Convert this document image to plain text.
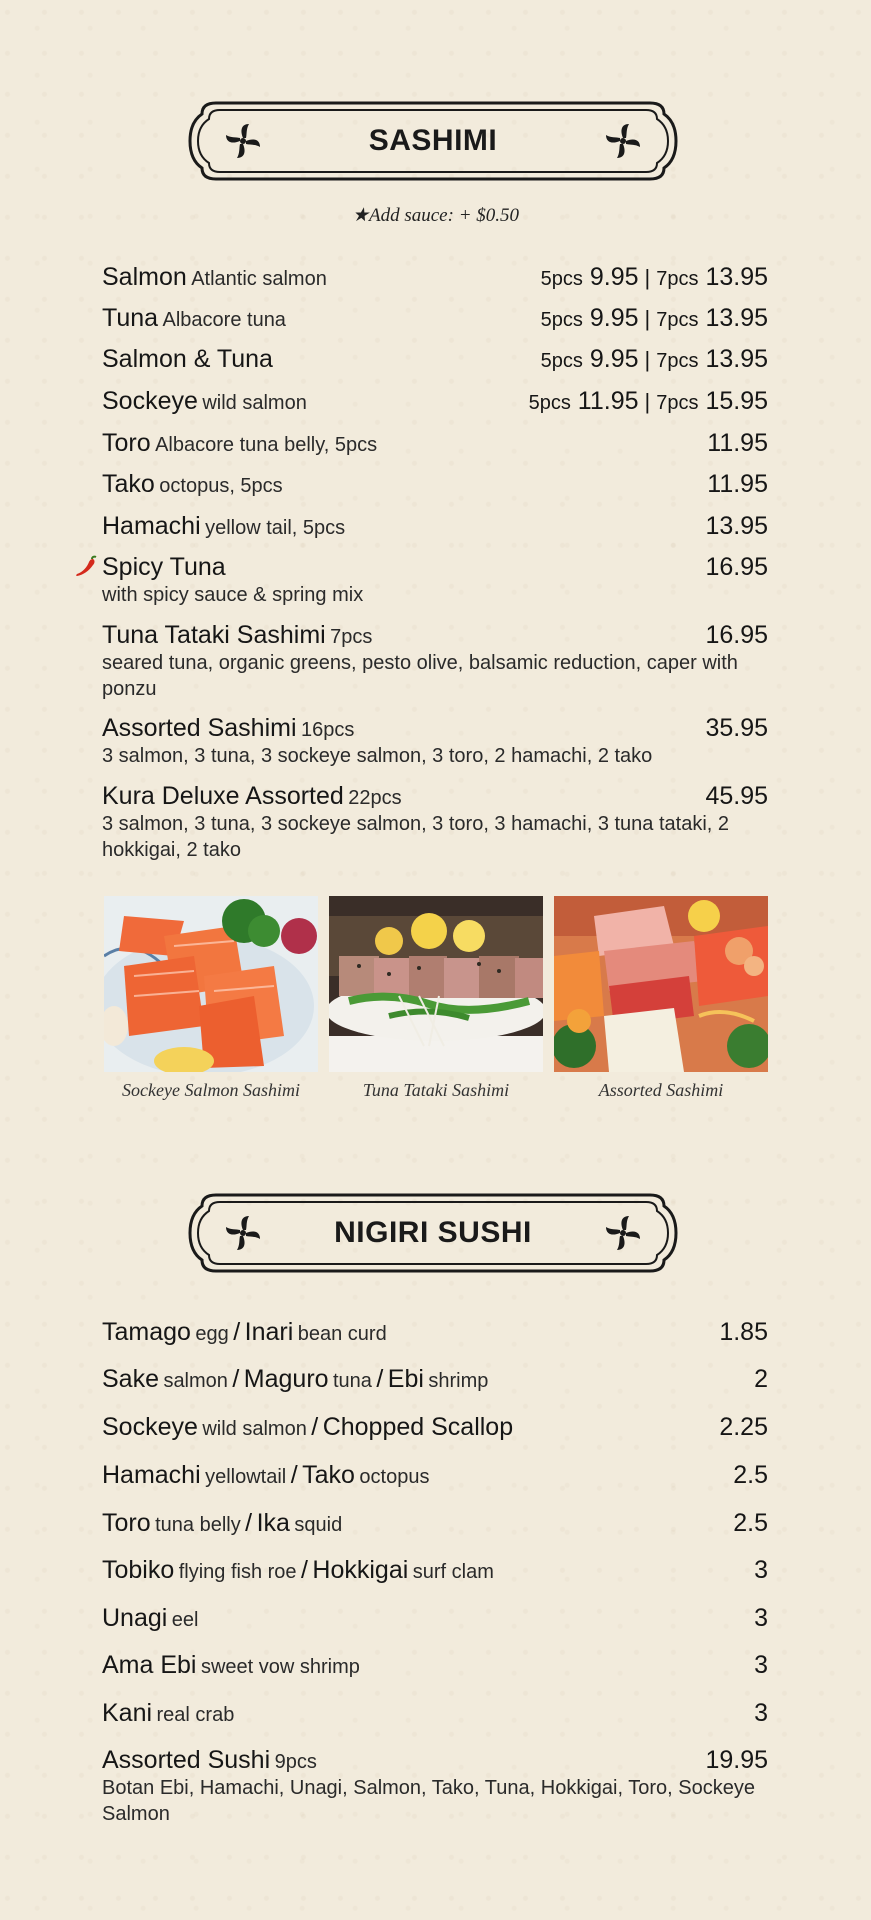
SASHIMI
★Add sauce: + $0.50
Salmon Atlantic salmon	5pcs 9.95 | 7pcs 13.95
Tuna Albacore tuna	5pcs 9.95 | 7pcs 13.95
Salmon & Tuna	5pcs 9.95 | 7pcs 13.95
Sockeye wild salmon	5pcs 11.95 | 7pcs 15.95
Toro Albacore tuna belly, 5pcs	11.95
Tako octopus, 5pcs	11.95
Hamachi yellow tail, 5pcs	13.95
Spicy Tuna	16.95
with spicy sauce & spring mix
Tuna Tataki Sashimi 7pcs	16.95
seared tuna, organic greens, pesto olive, balsamic reduction, caper with ponzu
Assorted Sashimi 16pcs	35.95
3 salmon, 3 tuna, 3 sockeye salmon, 3 toro, 2 hamachi, 2 tako
Kura Deluxe Assorted 22pcs	45.95
3 salmon, 3 tuna, 3 sockeye salmon, 3 toro, 3 hamachi, 3 tuna tataki, 2 hokkigai, 2 tako
Sockeye Salmon Sashimi	Tuna Tataki Sashimi	Assorted Sashimi
NIGIRI SUSHI
Tamago egg / Inari bean curd	1.85
Sake salmon / Maguro tuna / Ebi shrimp	2
Sockeye wild salmon / Chopped Scallop	2.25
Hamachi yellowtail / Tako octopus	2.5
Toro tuna belly / Ika squid	2.5
Tobiko flying fish roe / Hokkigai surf clam	3
Unagi eel	3
Ama Ebi sweet vow shrimp	3
Kani real crab	3
Assorted Sushi 9pcs	19.95
Botan Ebi, Hamachi, Unagi, Salmon, Tako, Tuna, Hokkigai, Toro, Sockeye Salmon
